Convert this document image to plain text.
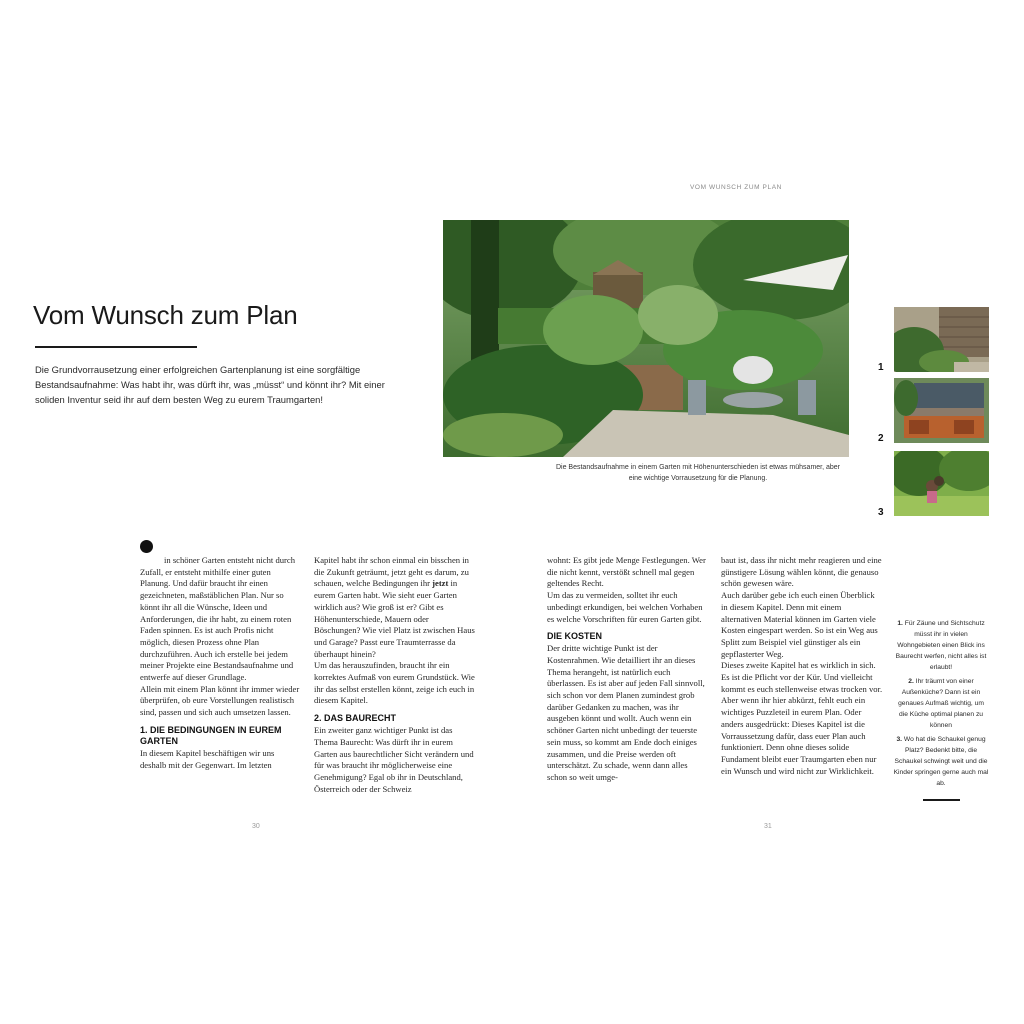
VOM WUNSCH ZUM PLAN
Vom Wunsch zum Plan

Die Grundvorrausetzung einer erfolgreichen Gartenplanung ist eine sorgfältige Bestandsaufnahme: Was habt ihr, was dürft ihr, was „müsst“ und könnt ihr? Mit einer soliden Inventur seid ihr auf dem besten Weg zu eurem Traumgarten!

Die Bestandsaufnahme in einem Garten mit Höhenunterschieden ist etwas mühsamer, aber eine wichtige Vorrausetzung für die Planung.

1
2
3

in schöner Garten entsteht nicht durch Zufall, er entsteht mithilfe einer guten Planung. Und dafür braucht ihr einen gezeichneten, maßstäblichen Plan. Nur so könnt ihr all die Wünsche, Ideen und Anforderungen, die ihr habt, zu einem roten Faden spinnen. Es ist auch Profis nicht möglich, diesen Prozess ohne Plan durchzuführen. Auch ich erstelle bei jedem meiner Projekte eine Bestandsaufnahme und entwerfe auf dieser Grundlage.

Allein mit einem Plan könnt ihr immer wieder überprüfen, ob eure Vorstellungen realistisch sind, passen und sich auch umsetzen lassen.

1. DIE BEDINGUNGEN IN EUREM GARTEN

In diesem Kapitel beschäftigen wir uns deshalb mit der Gegenwart. Im letzten

Kapitel habt ihr schon einmal ein bisschen in die Zukunft geträumt, jetzt geht es darum, zu schauen, welche Bedingungen ihr jetzt in eurem Garten habt. Wie sieht euer Garten wirklich aus? Wie groß ist er? Gibt es Höhenunterschiede, Mauern oder Böschungen? Wie viel Platz ist zwischen Haus und Garage? Passt eure Traumterrasse da überhaupt hinein?

Um das herauszufinden, braucht ihr ein korrektes Aufmaß von eurem Grundstück. Wie ihr das selbst erstellen könnt, zeige ich euch in diesem Kapitel.

2. DAS BAURECHT

Ein zweiter ganz wichtiger Punkt ist das Thema Baurecht: Was dürft ihr in eurem Garten aus baurechtlicher Sicht verändern und für was braucht ihr möglicherweise eine Genehmigung? Egal ob ihr in Deutschland, Österreich oder der Schweiz

wohnt: Es gibt jede Menge Festlegungen. Wer die nicht kennt, verstößt schnell mal gegen geltendes Recht.

Um das zu vermeiden, solltet ihr euch unbedingt erkundigen, bei welchen Vorhaben es welche Vorschriften für euren Garten gibt.

DIE KOSTEN

Der dritte wichtige Punkt ist der Kostenrahmen. Wie detailliert ihr an dieses Thema herangeht, ist natürlich euch überlassen. Es ist aber auf jeden Fall sinnvoll, sich schon vor dem Planen zumindest grob darüber Gedanken zu machen, was ihr ausgeben könnt und wollt. Auch wenn ein schöner Garten nicht unbedingt der teuerste sein muss, so kommt am Ende doch einiges zusammen, und die Preise werden oft unterschätzt. Zu schade, wenn dann alles schon so weit umge-

baut ist, dass ihr nicht mehr reagieren und eine günstigere Lösung wählen könnt, die genauso schön gewesen wäre.

Auch darüber gebe ich euch einen Überblick in diesem Kapitel. Denn mit einem alternativen Material können im Garten viele Kosten eingespart werden. So ist ein Weg aus Splitt zum Beispiel viel günstiger als ein gepflasterter Weg.

Dieses zweite Kapitel hat es wirklich in sich. Es ist die Pflicht vor der Kür. Und vielleicht kommt es euch stellenweise etwas trocken vor. Aber wenn ihr hier abkürzt, fehlt euch ein wichtiges Puzzleteil in eurem Plan. Oder anders ausgedrückt: Dieses Kapitel ist die Vorraussetzung dafür, dass euer Plan auch funktioniert. Denn ohne dieses solide Fundament bleibt euer Traumgarten eben nur ein Wunsch und wird nicht zur Wirklichkeit.

1. Für Zäune und Sichtschutz müsst ihr in vielen Wohngebieten einen Blick ins Baurecht werfen, nicht alles ist erlaubt!

2. Ihr träumt von einer Außenküche? Dann ist ein genaues Aufmaß wichtig, um die Küche optimal planen zu können

3. Wo hat die Schaukel genug Platz? Bedenkt bitte, die Schaukel schwingt weit und die Kinder springen gerne auch mal ab.

30	31
